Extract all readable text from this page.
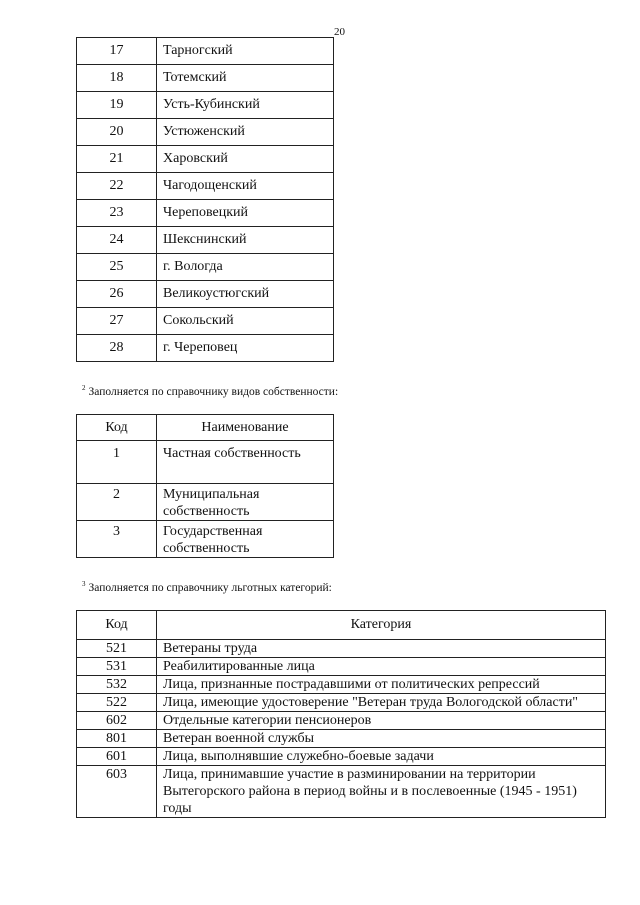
20
17	Тарногский
18	Тотемский
19	Усть-Кубинский
20	Устюженский
21	Харовский
22	Чагодощенский
23	Череповецкий
24	Шекснинский
25	г. Вологда
26	Великоустюгский
27	Сокольский
28	г. Череповец
$^2$ Заполняется по справочнику видов собственности:
Код	Наименование
1	Частная собственность
2	Муниципальная собственность
3	Государственная собственность
$^3$ Заполняется по справочнику льготных категорий:
Код	Категория
521	Ветераны труда
531	Реабилитированные лица
532	Лица, признанные пострадавшими от политических репрессий
522	Лица, имеющие удостоверение "Ветеран труда Вологодской области"
602	Отдельные категории пенсионеров
801	Ветеран военной службы
601	Лица, выполнявшие служебно-боевые задачи
603	Лица, принимавшие участие в разминировании на территории Вытегорского района в период войны и в послевоенные (1945 - 1951) годы
